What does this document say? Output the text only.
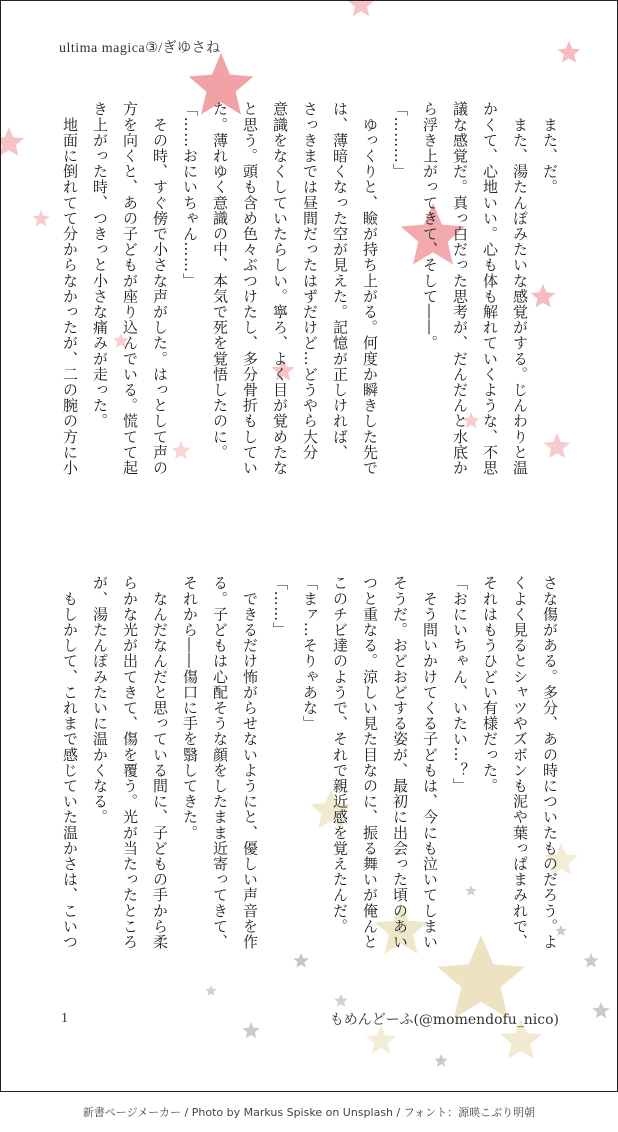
ultima magica③/ぎゆさね

　また、だ。

　また、湯たんぽみたいな感覚がする。じんわりと温

かくて、心地いい。心も体も解れていくような、不思

議な感覚だ。真っ白だった思考が、だんだんと水底か

ら浮き上がってきて、そして――。

「………」

　ゆっくりと、瞼が持ち上がる。何度か瞬きした先で

は、薄暗くなった空が見えた。記憶が正しければ、

さっきまでは昼間だったはずだけど…どうやら大分

意識をなくしていたらしい。寧ろ、よく目が覚めたな

と思う。頭も含め色々ぶつけたし、多分骨折もしてい

た。薄れゆく意識の中、本気で死を覚悟したのに。

「……おにいちゃん……」

　その時、すぐ傍で小さな声がした。はっとして声の

方を向くと、あの子どもが座り込んでいる。慌てて起

き上がった時、つきっと小さな痛みが走った。

　地面に倒れてて分からなかったが、二の腕の方に小

さな傷がある。多分、あの時についたものだろう。よ

くよく見るとシャツやズボンも泥や葉っぱまみれで、

それはもうひどい有様だった。

「おにいちゃん、いたい…？」

　そう問いかけてくる子どもは、今にも泣いてしまい

そうだ。おどおどする姿が、最初に出会った頃のあい

つと重なる。涼しい見た目なのに、振る舞いが俺んと

このチビ達のようで、それで親近感を覚えたんだ。

「まァ…そりゃあな」

「……」

　できるだけ怖がらせないようにと、優しい声音を作

る。子どもは心配そうな顔をしたまま近寄ってきて、

それから――傷口に手を翳してきた。

　なんだなんだと思っている間に、子どもの手から柔

らかな光が出てきて、傷を覆う。光が当たったところ

が、湯たんぽみたいに温かくなる。

　もしかして、これまで感じていた温かさは、こいつ

1	もめんどーふ(@momendofu_nico)
新書ページメーカー / Photo by Markus Spiske on Unsplash / フォント：源暎こぶり明朝
